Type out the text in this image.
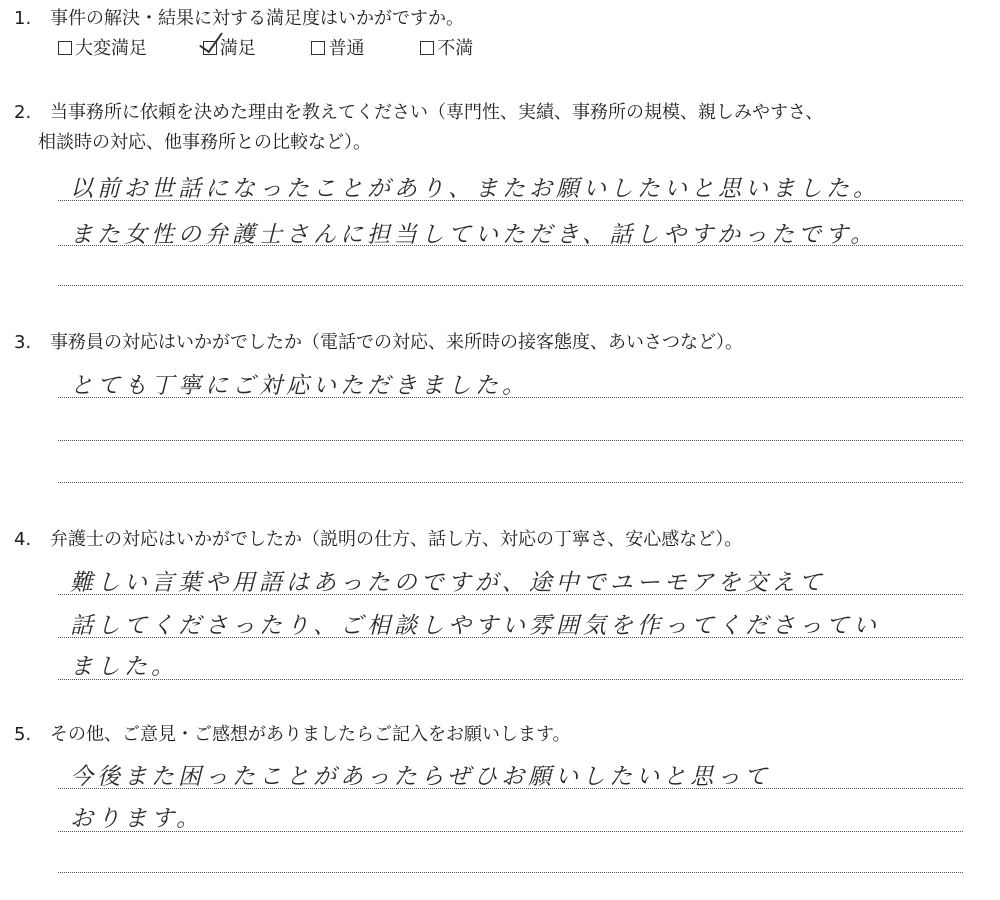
1. 事件の解決・結果に対する満足度はいかがですか。
大変満足	満足	普通	不満
2. 当事務所に依頼を決めた理由を教えてください（専門性、実績、事務所の規模、親しみやすさ、
相談時の対応、他事務所との比較など）。
以前お世話になったことがあり、またお願いしたいと思いました。
また女性の弁護士さんに担当していただき、話しやすかったです。
3. 事務員の対応はいかがでしたか（電話での対応、来所時の接客態度、あいさつなど）。
とても丁寧にご対応いただきました。
4. 弁護士の対応はいかがでしたか（説明の仕方、話し方、対応の丁寧さ、安心感など）。
難しい言葉や用語はあったのですが、途中でユーモアを交えて
話してくださったり、ご相談しやすい雰囲気を作ってくださってい
ました。
5. その他、ご意見・ご感想がありましたらご記入をお願いします。
今後また困ったことがあったらぜひお願いしたいと思って
おります。
